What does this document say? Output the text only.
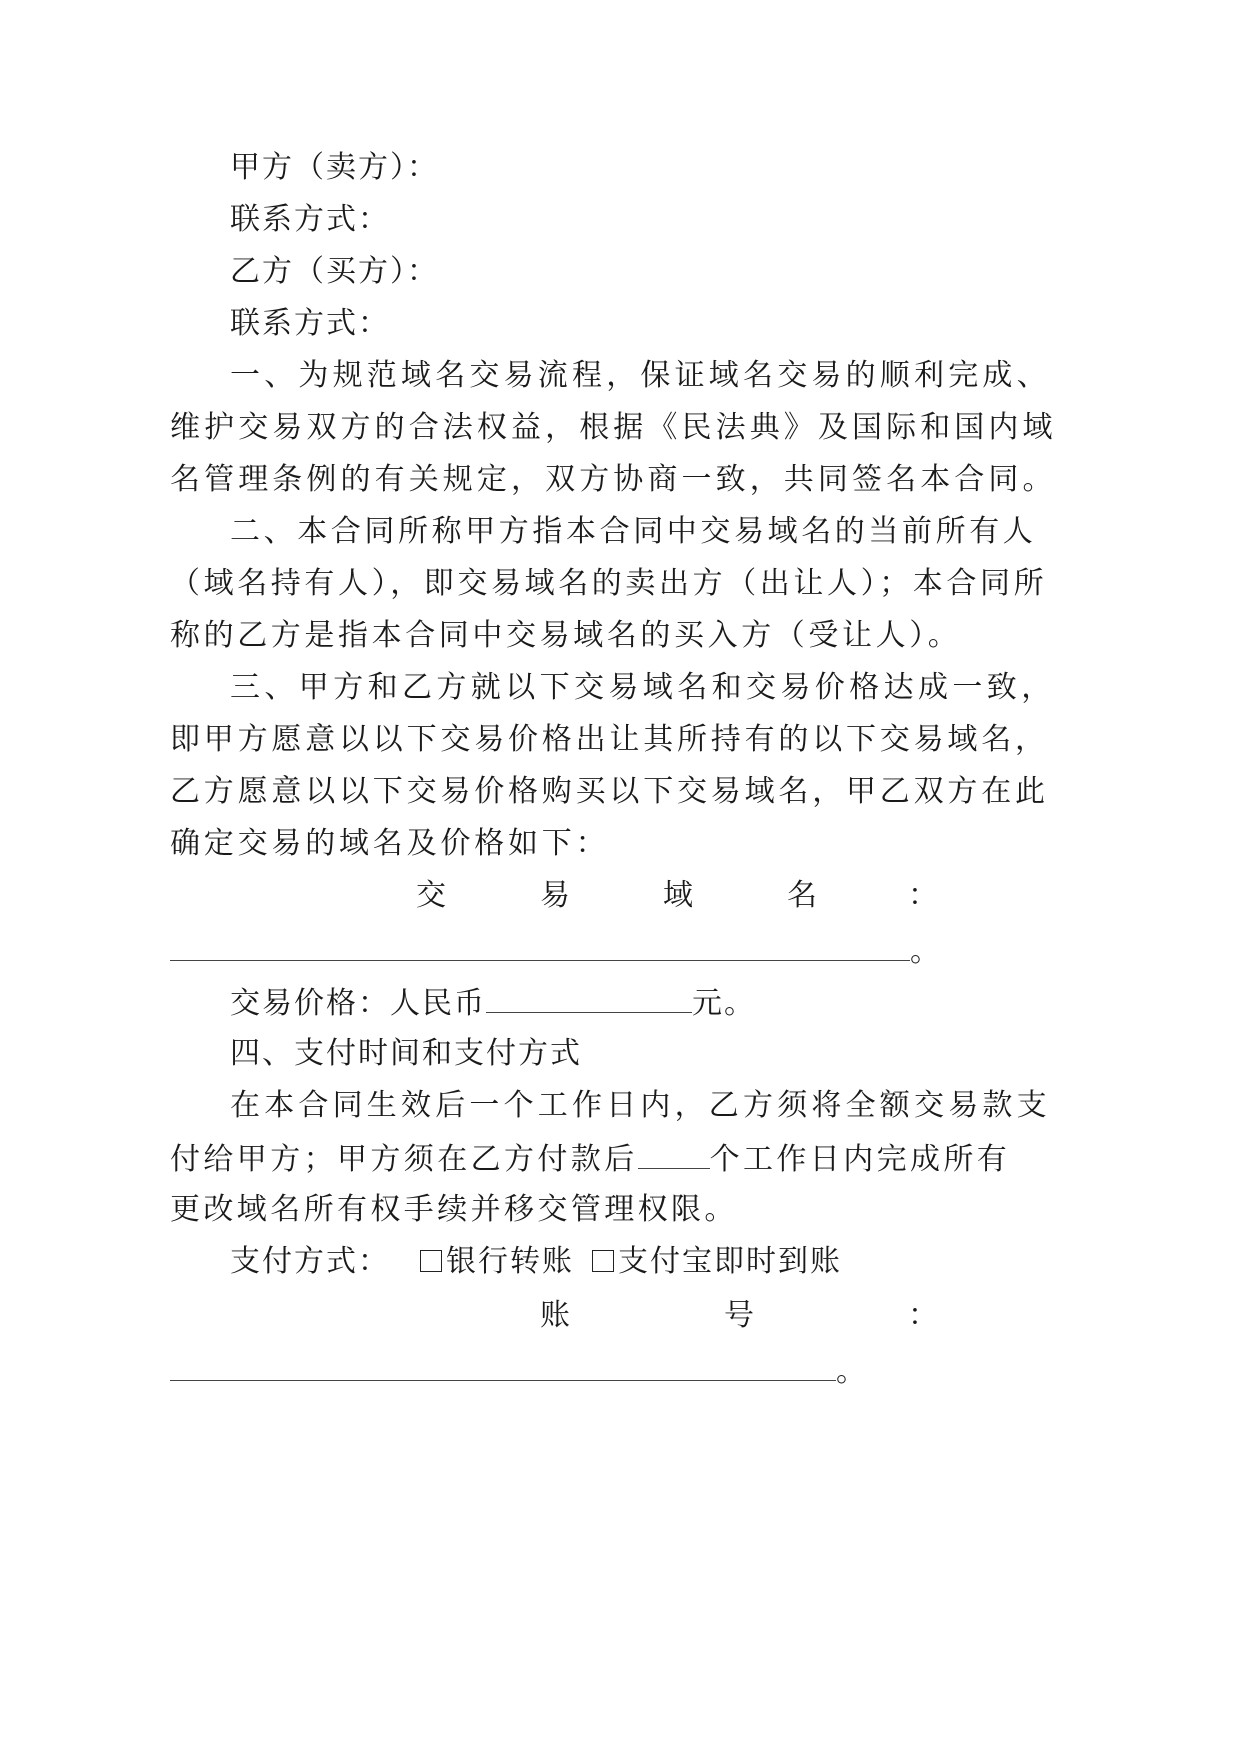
甲方（卖方）：
联系方式：
乙方（买方）：
联系方式：
一、为规范域名交易流程，保证域名交易的顺利完成、
维护交易双方的合法权益，根据《民法典》及国际和国内域
名管理条例的有关规定，双方协商一致，共同签名本合同。
二、本合同所称甲方指本合同中交易域名的当前所有人
（域名持有人），即交易域名的卖出方（出让人）；本合同所
称的乙方是指本合同中交易域名的买入方（受让人）。
三、甲方和乙方就以下交易域名和交易价格达成一致，
即甲方愿意以以下交易价格出让其所持有的以下交易域名，
乙方愿意以以下交易价格购买以下交易域名，甲乙双方在此
确定交易的域名及价格如下：
交	易	域	名	：
。
交易价格：人民币	元。
四、支付时间和支付方式
在本合同生效后一个工作日内，乙方须将全额交易款支
付给甲方；甲方须在乙方付款后 个工作日内完成所有
更改域名所有权手续并移交管理权限。
支付方式： 银行转账 支付宝即时到账
账	号	：
。
